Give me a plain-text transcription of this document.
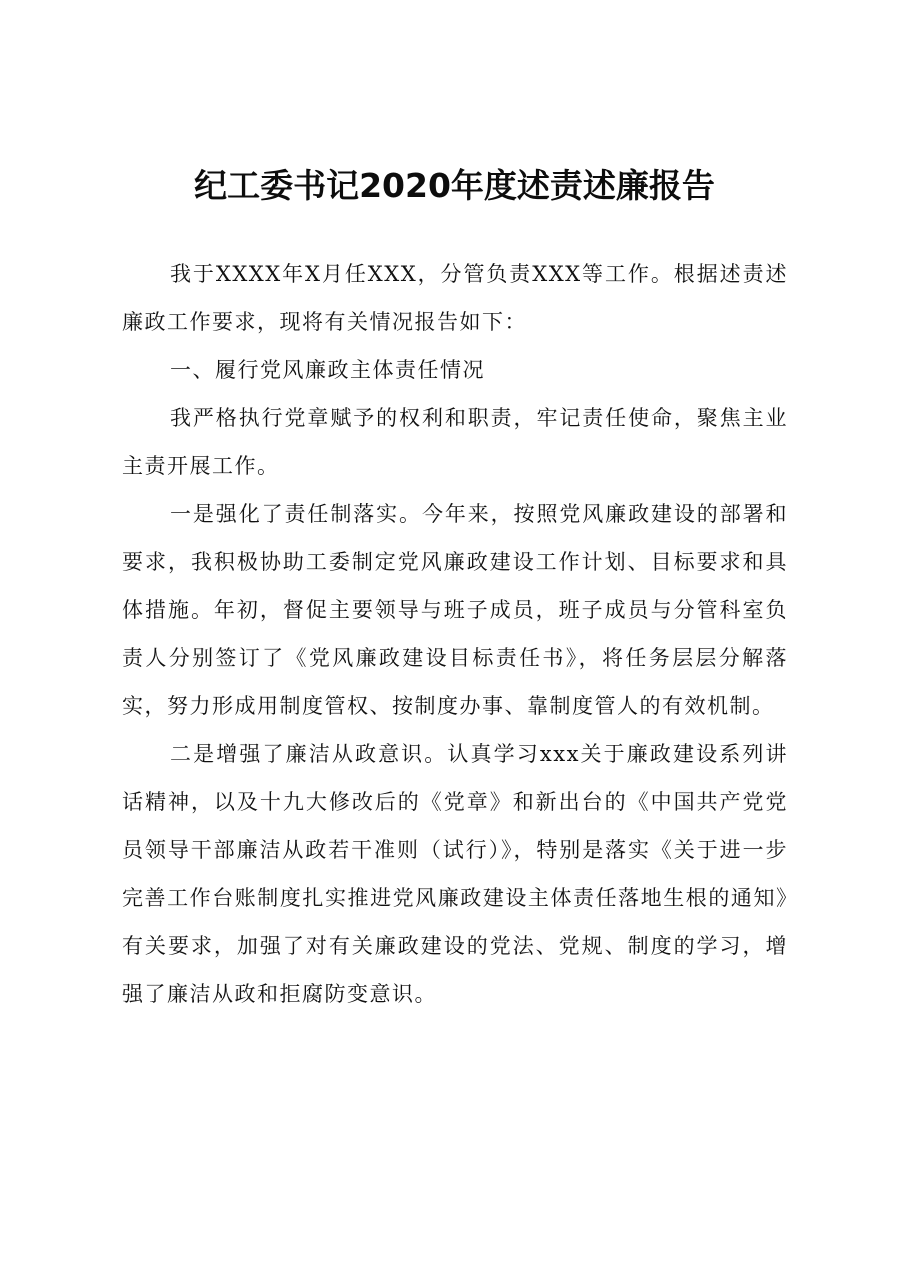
纪工委书记2020年度述责述廉报告

我于XXXX年X月任XXX，分管负责XXX等工作。根据述责述廉政工作要求，现将有关情况报告如下：

一、履行党风廉政主体责任情况

我严格执行党章赋予的权利和职责，牢记责任使命，聚焦主业主责开展工作。

一是强化了责任制落实。今年来，按照党风廉政建设的部署和要求，我积极协助工委制定党风廉政建设工作计划、目标要求和具体措施。年初，督促主要领导与班子成员，班子成员与分管科室负责人分别签订了《党风廉政建设目标责任书》，将任务层层分解落实，努力形成用制度管权、按制度办事、靠制度管人的有效机制。

二是增强了廉洁从政意识。认真学习xxx关于廉政建设系列讲话精神，以及十九大修改后的《党章》和新出台的《中国共产党党员领导干部廉洁从政若干准则（试行）》，特别是落实《关于进一步完善工作台账制度扎实推进党风廉政建设主体责任落地生根的通知》有关要求，加强了对有关廉政建设的党法、党规、制度的学习，增强了廉洁从政和拒腐防变意识。
